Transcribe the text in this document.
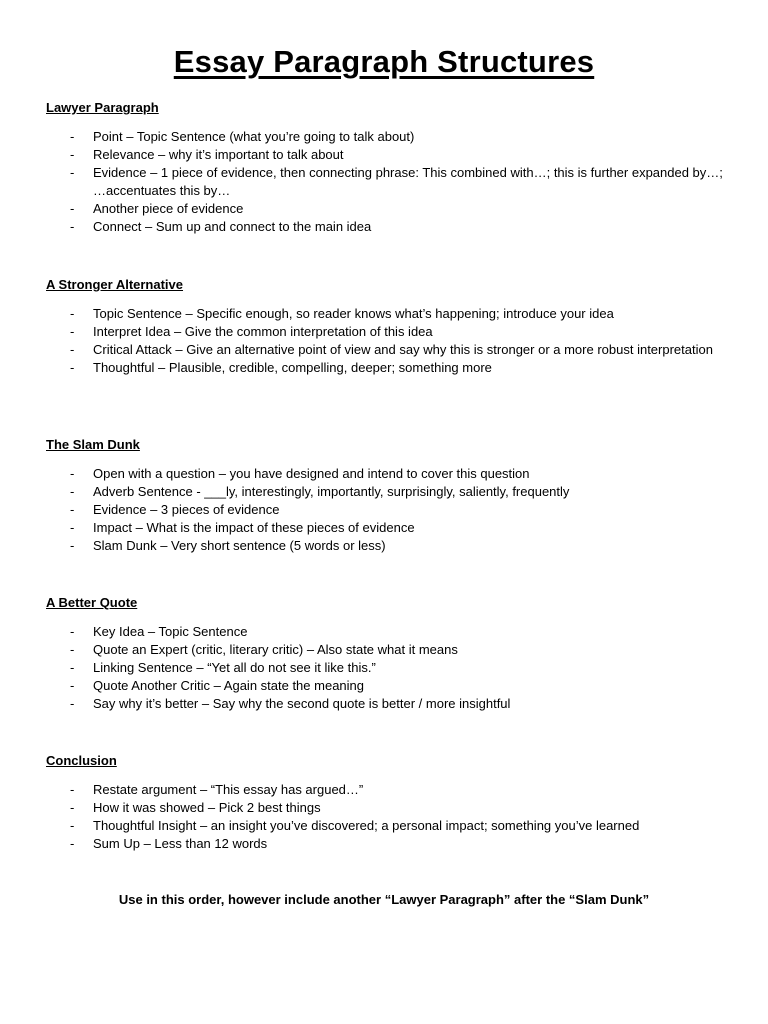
Essay Paragraph Structures
Lawyer Paragraph
- Point – Topic Sentence (what you’re going to talk about)
- Relevance – why it’s important to talk about
- Evidence – 1 piece of evidence, then connecting phrase: This combined with…; this is further expanded by…; …accentuates this by…
- Another piece of evidence
- Connect – Sum up and connect to the main idea
A Stronger Alternative
- Topic Sentence – Specific enough, so reader knows what’s happening; introduce your idea
- Interpret Idea – Give the common interpretation of this idea
- Critical Attack – Give an alternative point of view and say why this is stronger or a more robust interpretation
- Thoughtful – Plausible, credible, compelling, deeper; something more
The Slam Dunk
- Open with a question – you have designed and intend to cover this question
- Adverb Sentence - ___ly, interestingly, importantly, surprisingly, saliently, frequently
- Evidence – 3 pieces of evidence
- Impact – What is the impact of these pieces of evidence
- Slam Dunk – Very short sentence (5 words or less)
A Better Quote
- Key Idea – Topic Sentence
- Quote an Expert (critic, literary critic) – Also state what it means
- Linking Sentence – “Yet all do not see it like this.”
- Quote Another Critic – Again state the meaning
- Say why it’s better – Say why the second quote is better / more insightful
Conclusion
- Restate argument – “This essay has argued…”
- How it was showed – Pick 2 best things
- Thoughtful Insight – an insight you’ve discovered; a personal impact; something you’ve learned
- Sum Up – Less than 12 words
Use in this order, however include another “Lawyer Paragraph” after the “Slam Dunk”
